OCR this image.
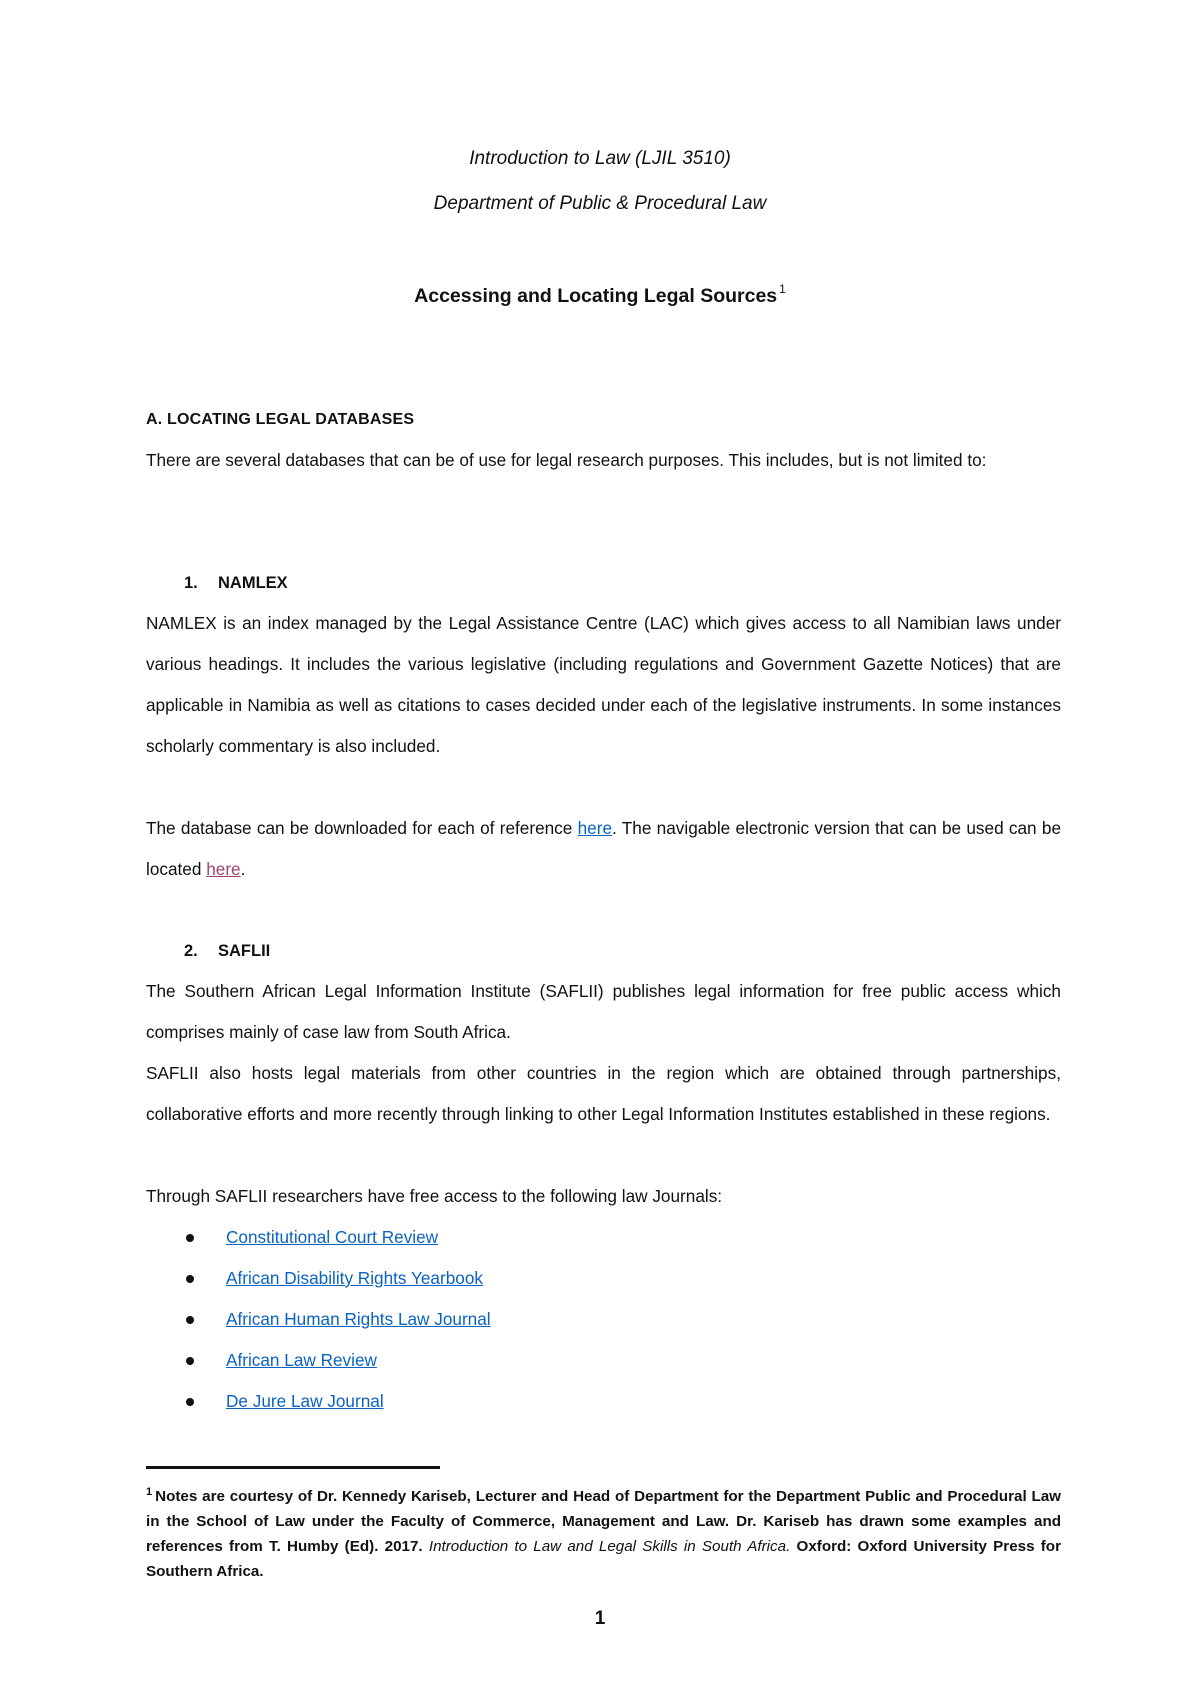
Introduction to Law (LJIL 3510)
Department of Public & Procedural Law
Accessing and Locating Legal Sources $^1$
A. LOCATING LEGAL DATABASES
There are several databases that can be of use for legal research purposes. This includes, but is not limited to:
1. NAMLEX
NAMLEX is an index managed by the Legal Assistance Centre (LAC) which gives access to all Namibian laws under various headings. It includes the various legislative (including regulations and Government Gazette Notices) that are applicable in Namibia as well as citations to cases decided under each of the legislative instruments. In some instances scholarly commentary is also included.
The database can be downloaded for each of reference here. The navigable electronic version that can be used can be located here.
2. SAFLII
The Southern African Legal Information Institute (SAFLII) publishes legal information for free public access which comprises mainly of case law from South Africa.
SAFLII also hosts legal materials from other countries in the region which are obtained through partnerships, collaborative efforts and more recently through linking to other Legal Information Institutes established in these regions.
Through SAFLII researchers have free access to the following law Journals:
Constitutional Court Review
African Disability Rights Yearbook
African Human Rights Law Journal
African Law Review
De Jure Law Journal
$^1$ Notes are courtesy of Dr. Kennedy Kariseb, Lecturer and Head of Department for the Department Public and Procedural Law in the School of Law under the Faculty of Commerce, Management and Law. Dr. Kariseb has drawn some examples and references from T. Humby (Ed). 2017. Introduction to Law and Legal Skills in South Africa. Oxford: Oxford University Press for Southern Africa.
1
